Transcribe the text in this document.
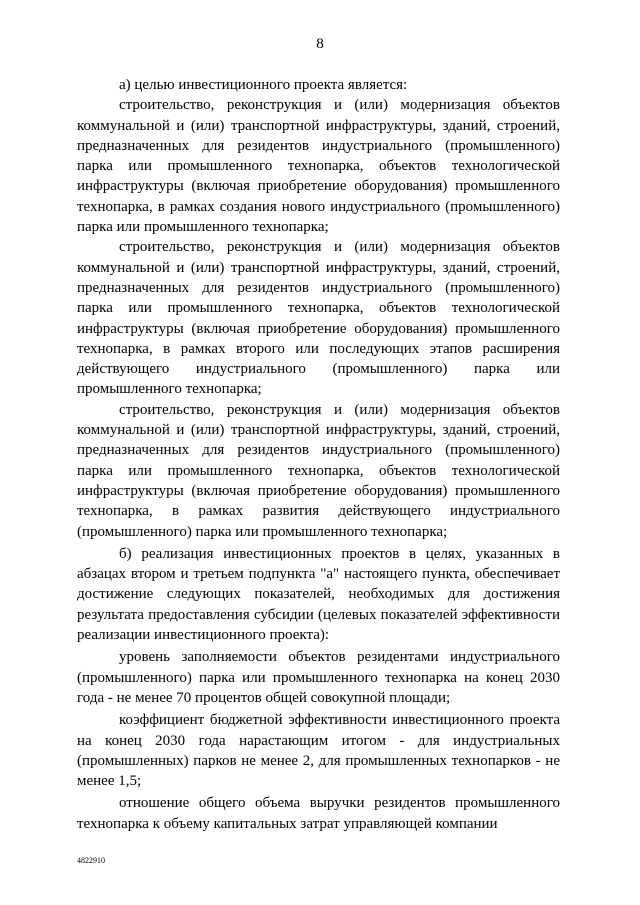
8

а) целью инвестиционного проекта является:

строительство, реконструкция и (или) модернизация объектов коммунальной и (или) транспортной инфраструктуры, зданий, строений, предназначенных для резидентов индустриального (промышленного) парка или промышленного технопарка, объектов технологической инфраструктуры (включая приобретение оборудования) промышленного технопарка, в рамках создания нового индустриального (промышленного) парка или промышленного технопарка;

строительство, реконструкция и (или) модернизация объектов коммунальной и (или) транспортной инфраструктуры, зданий, строений, предназначенных для резидентов индустриального (промышленного) парка или промышленного технопарка, объектов технологической инфраструктуры (включая приобретение оборудования) промышленного технопарка, в рамках второго или последующих этапов расширения действующего индустриального (промышленного) парка или промышленного технопарка;

строительство, реконструкция и (или) модернизация объектов коммунальной и (или) транспортной инфраструктуры, зданий, строений, предназначенных для резидентов индустриального (промышленного) парка или промышленного технопарка, объектов технологической инфраструктуры (включая приобретение оборудования) промышленного технопарка, в рамках развития действующего индустриального (промышленного) парка или промышленного технопарка;

б) реализация инвестиционных проектов в целях, указанных в абзацах втором и третьем подпункта "а" настоящего пункта, обеспечивает достижение следующих показателей, необходимых для достижения результата предоставления субсидии (целевых показателей эффективности реализации инвестиционного проекта):

уровень заполняемости объектов резидентами индустриального (промышленного) парка или промышленного технопарка на конец 2030 года - не менее 70 процентов общей совокупной площади;

коэффициент бюджетной эффективности инвестиционного проекта на конец 2030 года нарастающим итогом - для индустриальных (промышленных) парков не менее 2, для промышленных технопарков - не менее 1,5;

отношение общего объема выручки резидентов промышленного технопарка к объему капитальных затрат управляющей компании

4822910
